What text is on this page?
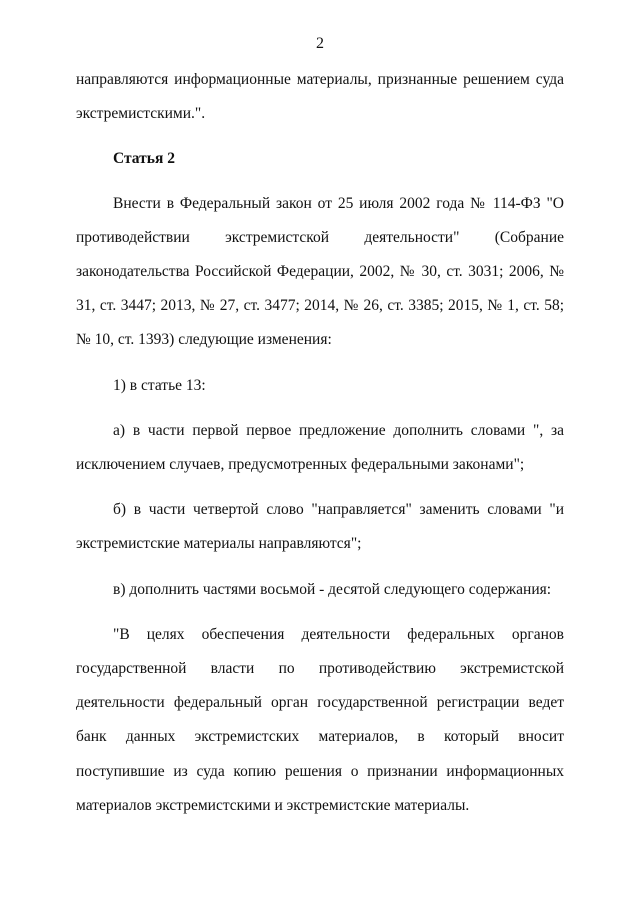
2

направляются информационные материалы, признанные решением суда экстремистскими.".

Статья 2

Внести в Федеральный закон от 25 июля 2002 года № 114-ФЗ "О противодействии экстремистской деятельности" (Собрание законодательства Российской Федерации, 2002, № 30, ст. 3031; 2006, № 31, ст. 3447; 2013, № 27, ст. 3477; 2014, № 26, ст. 3385; 2015, № 1, ст. 58; № 10, ст. 1393) следующие изменения:

1) в статье 13:

а) в части первой первое предложение дополнить словами ", за исключением случаев, предусмотренных федеральными законами";

б) в части четвертой слово "направляется" заменить словами "и экстремистские материалы направляются";

в) дополнить частями восьмой - десятой следующего содержания:

"В целях обеспечения деятельности федеральных органов государственной власти по противодействию экстремистской деятельности федеральный орган государственной регистрации ведет банк данных экстремистских материалов, в который вносит поступившие из суда копию решения о признании информационных материалов экстремистскими и экстремистские материалы.
